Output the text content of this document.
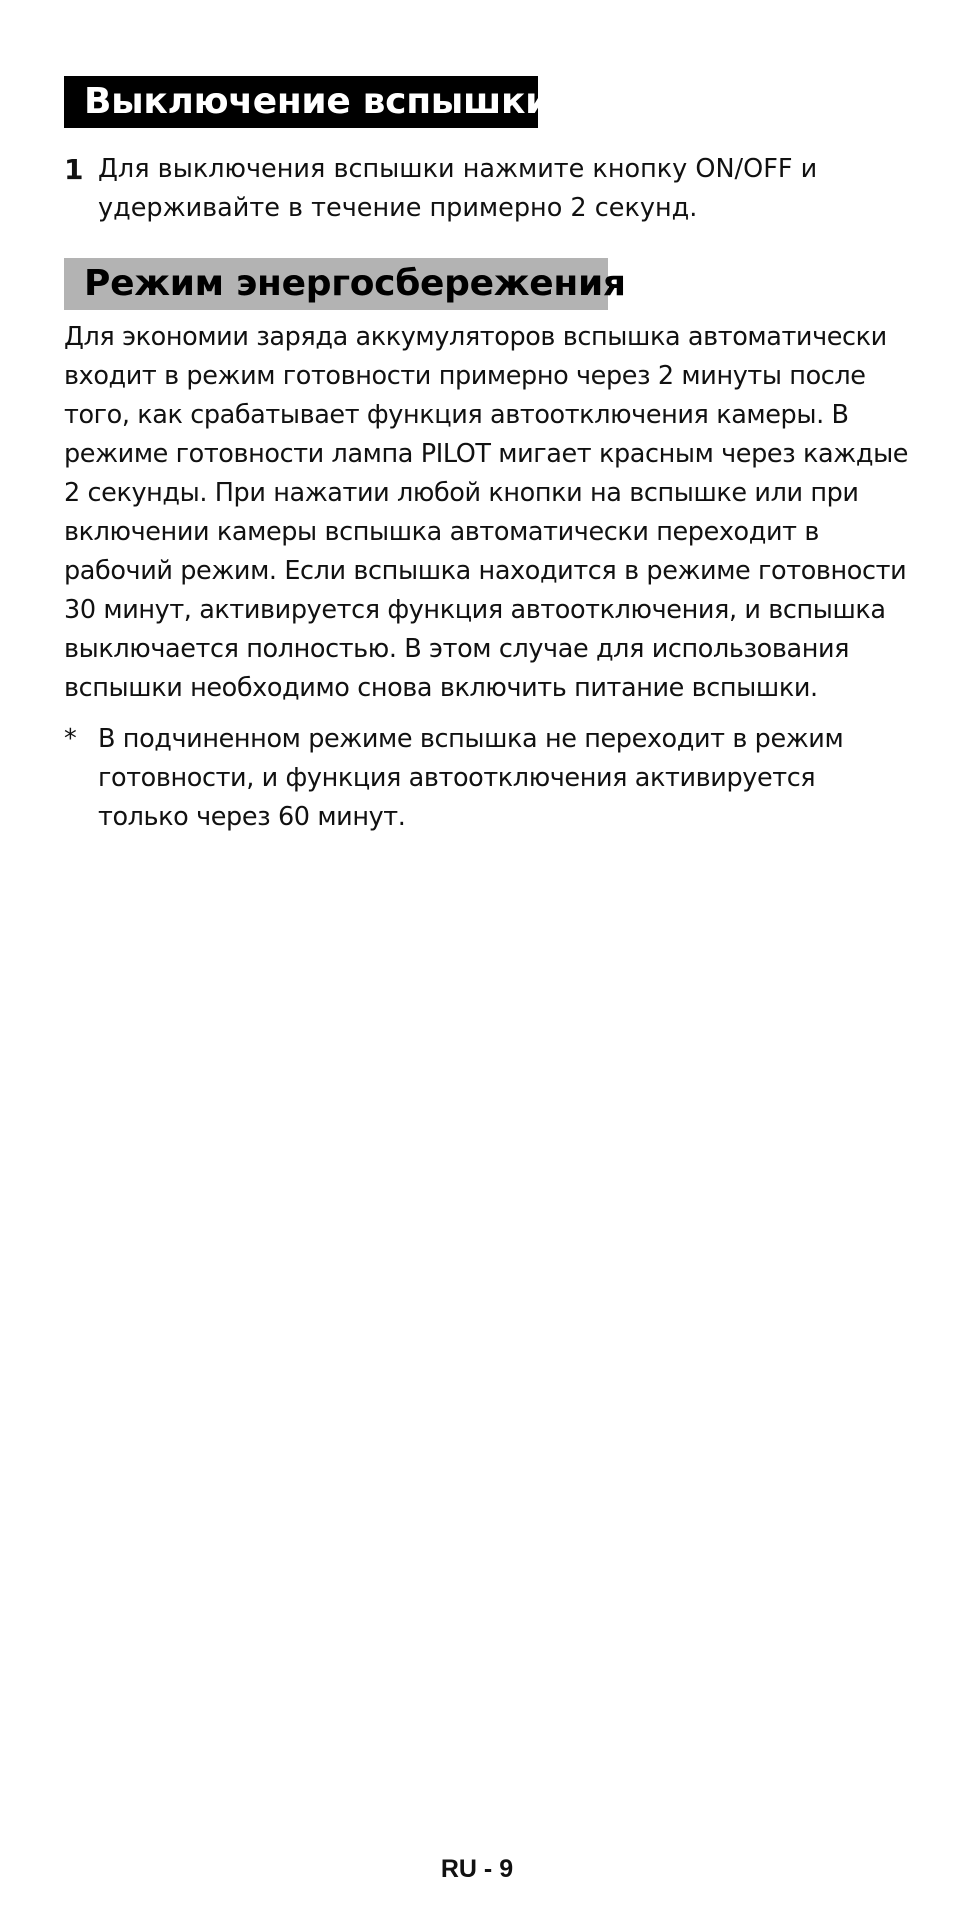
Выключение вспышки
1 Для выключения вспышки нажмите кнопку ON/OFF и удерживайте в течение примерно 2 секунд.
Режим энергосбережения
Для экономии заряда аккумуляторов вспышка автоматически входит в режим готовности примерно через 2 минуты после того, как срабатывает функция автоотключения камеры. В режиме готовности лампа PILOT мигает красным через каждые 2 секунды. При нажатии любой кнопки на вспышке или при включении камеры вспышка автоматически переходит в рабочий режим. Если вспышка находится в режиме готовности 30 минут, активируется функция автоотключения, и вспышка выключается полностью. В этом случае для использования вспышки необходимо снова включить питание вспышки.
* В подчиненном режиме вспышка не переходит в режим готовности, и функция автоотключения активируется только через 60 минут.
RU - 9
